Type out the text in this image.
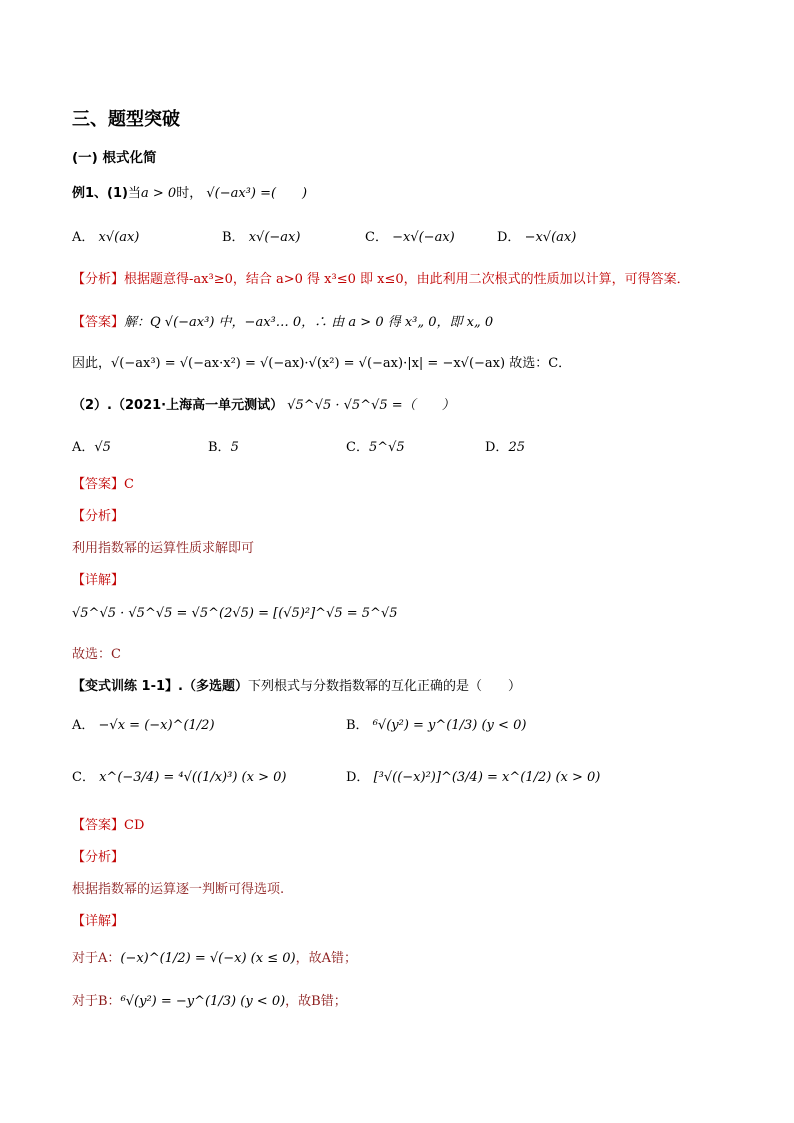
三、题型突破
(一) 根式化简
例1、(1)当a > 0时， √(−ax³) =(　　)
A． x√(ax)	B． x√(−ax)	C． −x√(−ax)	D． −x√(ax)
【分析】根据题意得-ax³≥0，结合 a>0 得 x³≤0 即 x≤0，由此利用二次根式的性质加以计算，可得答案．
【答案】解：Q √(−ax³) 中，−ax³… 0，∴ 由 a > 0 得 x³„ 0，即 x„ 0
因此，√(−ax³) = √(−ax·x²) = √(−ax)·√(x²) = √(−ax)·|x| = −x√(−ax) 故选：C．
（2）.（2021·上海高一单元测试） √5^√5 · √5^√5 =（　　）
A．√5	B．5	C．5^√5	D．25
【答案】C
【分析】
利用指数幂的运算性质求解即可
【详解】
√5^√5 · √5^√5 = √5^(2√5) = [(√5)²]^√5 = 5^√5
故选：C
【变式训练 1-1】.（多选题）下列根式与分数指数幂的互化正确的是（　　）
A． −√x = (−x)^(1/2)	B． ⁶√(y²) = y^(1/3) (y < 0)
C． x^(−3/4) = ⁴√((1/x)³) (x > 0)	D． [³√((−x)²)]^(3/4) = x^(1/2) (x > 0)
【答案】CD
【分析】
根据指数幂的运算逐一判断可得选项.
【详解】
对于A：(−x)^(1/2) = √(−x) (x ≤ 0)，故A错；
对于B：⁶√(y²) = −y^(1/3) (y < 0)，故B错；
